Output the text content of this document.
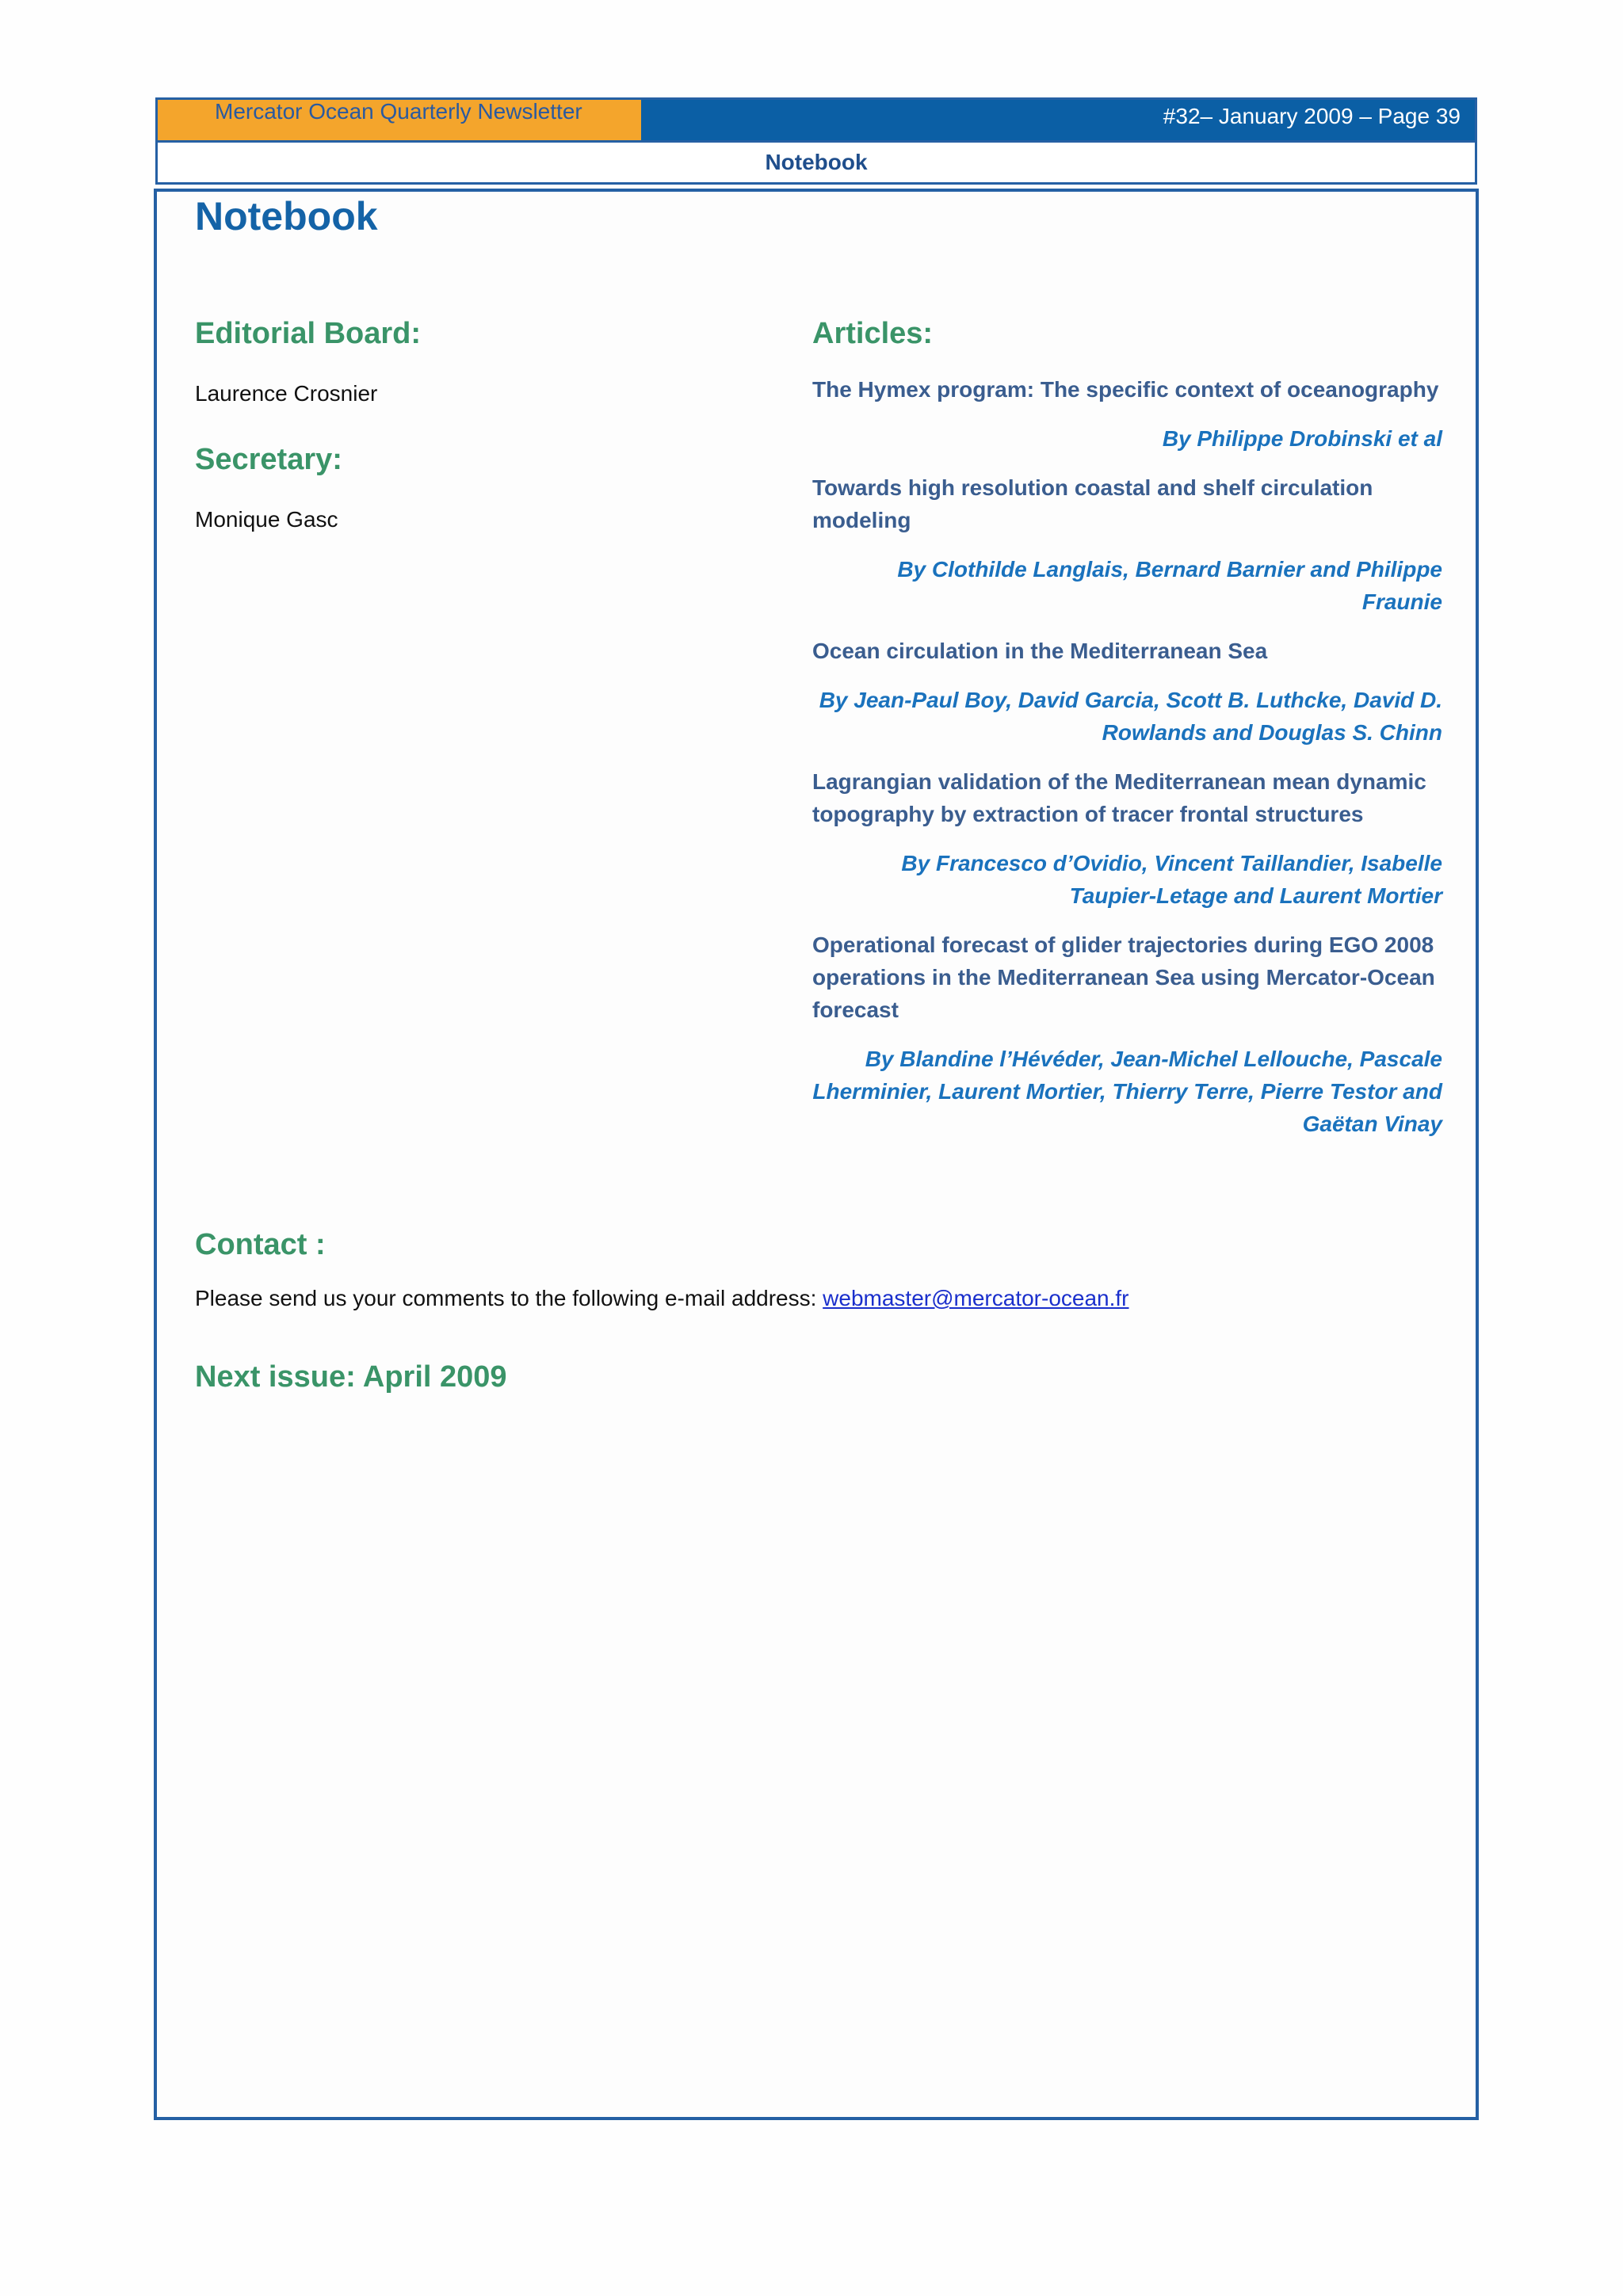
Mercator Ocean Quarterly Newsletter	#32– January 2009 – Page 39
Notebook
Notebook
Editorial Board:

Laurence Crosnier

Secretary:

Monique Gasc

Articles:

The Hymex program: The specific context of oceanography

By Philippe Drobinski et al

Towards high resolution coastal and shelf circulation modeling

By Clothilde Langlais, Bernard Barnier and Philippe Fraunie

Ocean circulation in the Mediterranean Sea

By Jean-Paul Boy, David Garcia, Scott B. Luthcke, David D. Rowlands and Douglas S. Chinn

Lagrangian validation of the Mediterranean mean dynamic topography by extraction of tracer frontal structures

By Francesco d’Ovidio, Vincent Taillandier, Isabelle Taupier-Letage and Laurent Mortier

Operational forecast of glider trajectories during EGO 2008 operations in the Mediterranean Sea using Mercator-Ocean forecast

By Blandine l’Hévéder, Jean-Michel Lellouche, Pascale Lherminier, Laurent Mortier, Thierry Terre, Pierre Testor and Gaëtan Vinay

Contact :

Please send us your comments to the following e-mail address: webmaster@mercator-ocean.fr

Next issue: April 2009
